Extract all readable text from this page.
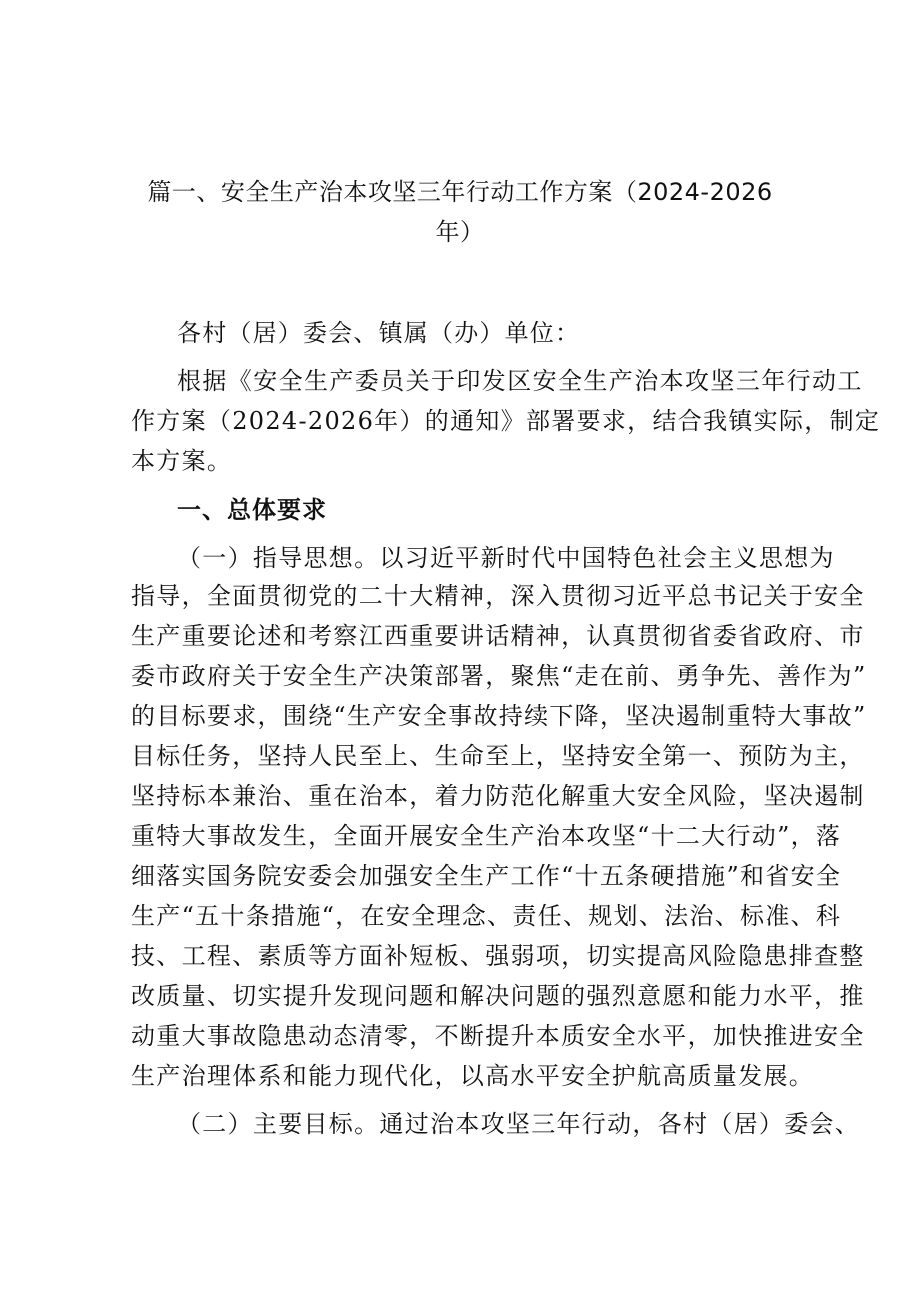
篇一、安全生产治本攻坚三年行动工作方案（2024-2026
年）
各村（居）委会、镇属（办）单位：
根据《安全生产委员关于印发区安全生产治本攻坚三年行动工
作方案（2024-2026年）的通知》部署要求，结合我镇实际，制定
本方案。
一、总体要求
（一）指导思想。以习近平新时代中国特色社会主义思想为
指导，全面贯彻党的二十大精神，深入贯彻习近平总书记关于安全
生产重要论述和考察江西重要讲话精神，认真贯彻省委省政府、市
委市政府关于安全生产决策部署，聚焦“走在前、勇争先、善作为”
的目标要求，围绕“生产安全事故持续下降，坚决遏制重特大事故”
目标任务，坚持人民至上、生命至上，坚持安全第一、预防为主，
坚持标本兼治、重在治本，着力防范化解重大安全风险，坚决遏制
重特大事故发生，全面开展安全生产治本攻坚“十二大行动”，落
细落实国务院安委会加强安全生产工作“十五条硬措施”和省安全
生产“五十条措施“，在安全理念、责任、规划、法治、标准、科
技、工程、素质等方面补短板、强弱项，切实提高风险隐患排查整
改质量、切实提升发现问题和解决问题的强烈意愿和能力水平，推
动重大事故隐患动态清零，不断提升本质安全水平，加快推进安全
生产治理体系和能力现代化，以高水平安全护航高质量发展。
（二）主要目标。通过治本攻坚三年行动，各村（居）委会、
